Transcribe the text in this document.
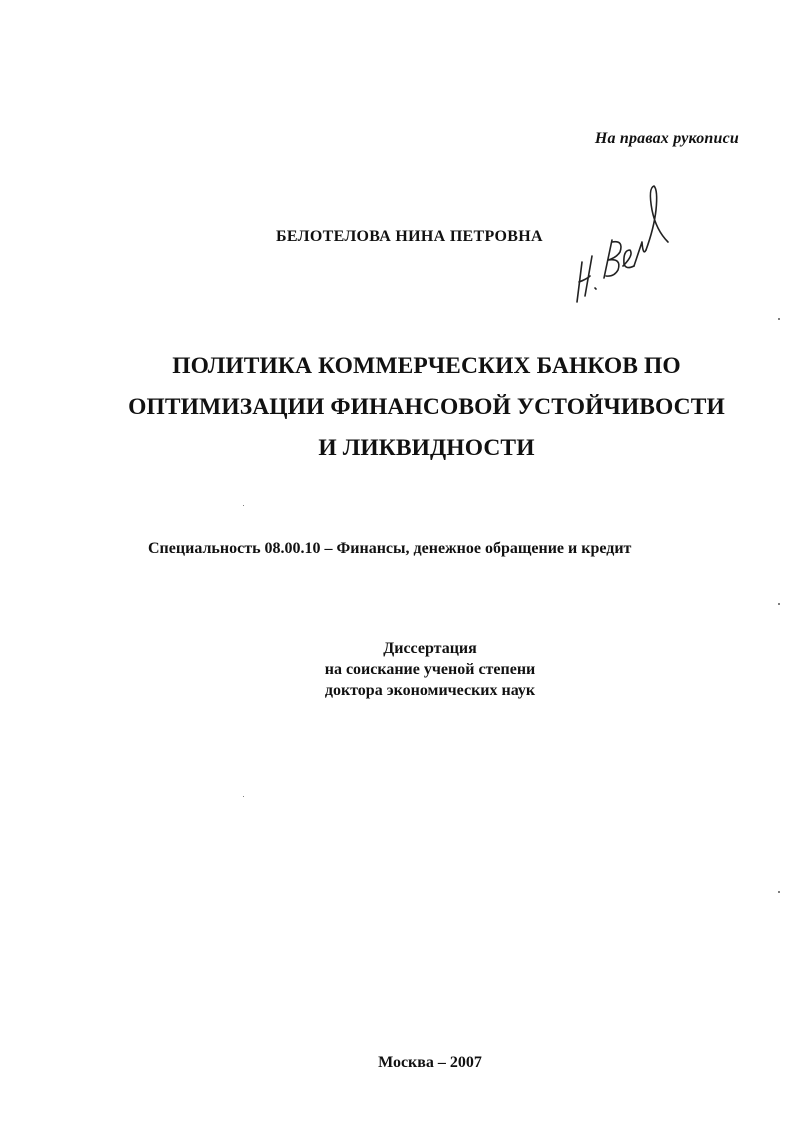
На правах рукописи
БЕЛОТЕЛОВА НИНА ПЕТРОВНА
ПОЛИТИКА КОММЕРЧЕСКИХ БАНКОВ ПО
ОПТИМИЗАЦИИ ФИНАНСОВОЙ УСТОЙЧИВОСТИ
И ЛИКВИДНОСТИ
Специальность 08.00.10 – Финансы, денежное обращение и кредит
Диссертация
на соискание ученой степени
доктора экономических наук
Москва – 2007
